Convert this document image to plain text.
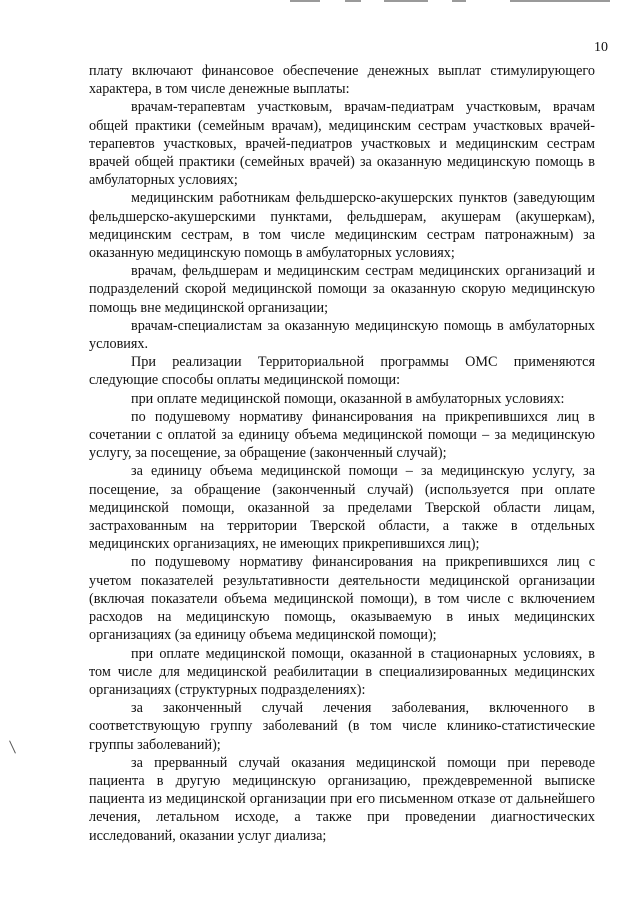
10

плату включают финансовое обеспечение денежных выплат стимулирующего характера, в том числе денежные выплаты:

врачам-терапевтам участковым, врачам-педиатрам участковым, врачам общей практики (семейным врачам), медицинским сестрам участковых врачей-терапевтов участковых, врачей-педиатров участковых и медицинским сестрам врачей общей практики (семейных врачей) за оказанную медицинскую помощь в амбулаторных условиях;

медицинским работникам фельдшерско-акушерских пунктов (заведующим фельдшерско-акушерскими пунктами, фельдшерам, акушерам (акушеркам), медицинским сестрам, в том числе медицинским сестрам патронажным) за оказанную медицинскую помощь в амбулаторных условиях;

врачам, фельдшерам и медицинским сестрам медицинских организаций и подразделений скорой медицинской помощи за оказанную скорую медицинскую помощь вне медицинской организации;

врачам-специалистам за оказанную медицинскую помощь в амбулаторных условиях.

При реализации Территориальной программы ОМС применяются следующие способы оплаты медицинской помощи:

при оплате медицинской помощи, оказанной в амбулаторных условиях:

по подушевому нормативу финансирования на прикрепившихся лиц в сочетании с оплатой за единицу объема медицинской помощи – за медицинскую услугу, за посещение, за обращение (законченный случай);

за единицу объема медицинской помощи – за медицинскую услугу, за посещение, за обращение (законченный случай) (используется при оплате медицинской помощи, оказанной за пределами Тверской области лицам, застрахованным на территории Тверской области, а также в отдельных медицинских организациях, не имеющих прикрепившихся лиц);

по подушевому нормативу финансирования на прикрепившихся лиц с учетом показателей результативности деятельности медицинской организации (включая показатели объема медицинской помощи), в том числе с включением расходов на медицинскую помощь, оказываемую в иных медицинских организациях (за единицу объема медицинской помощи);

при оплате медицинской помощи, оказанной в стационарных условиях, в том числе для медицинской реабилитации в специализированных медицинских организациях (структурных подразделениях):

за законченный случай лечения заболевания, включенного в соответствующую группу заболеваний (в том числе клинико-статистические группы заболеваний);

за прерванный случай оказания медицинской помощи при переводе пациента в другую медицинскую организацию, преждевременной выписке пациента из медицинской организации при его письменном отказе от дальнейшего лечения, летальном исходе, а также при проведении диагностических исследований, оказании услуг диализа;
